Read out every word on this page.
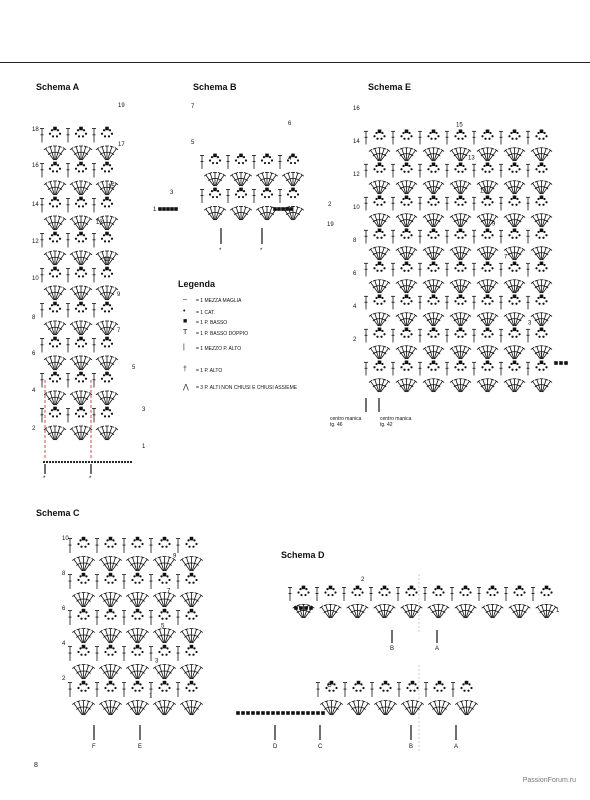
Schema A	Schema B	Schema E
Schema C
Schema D
19
18
17
16
15
14
13
12
11
10
9
8
7
6
5
4
3
2
1
*	*
1
2
3
4
5
6
7
19
*	*
16
15
14
13
12
11
10
9
8
7
6
5
4
3
2
1
10
9
8
7
6
5
4
3
2
1
G
F	E	D	C	B	A
2
1
B	A
Legenda
– = 1 MEZZA MAGLIA
• = 1 CAT.
■ = 1 P. BASSO
T = 1 P. BASSO DOPPIO
| = 1 MEZZO P. ALTO
† = 1 P. ALTO
⋀ = 3 P. ALTI NON CHIUSI E CHIUSI ASSIEME
centro manica
tg. 46
centro manica
tg. 42
8
PassionForum.ru
